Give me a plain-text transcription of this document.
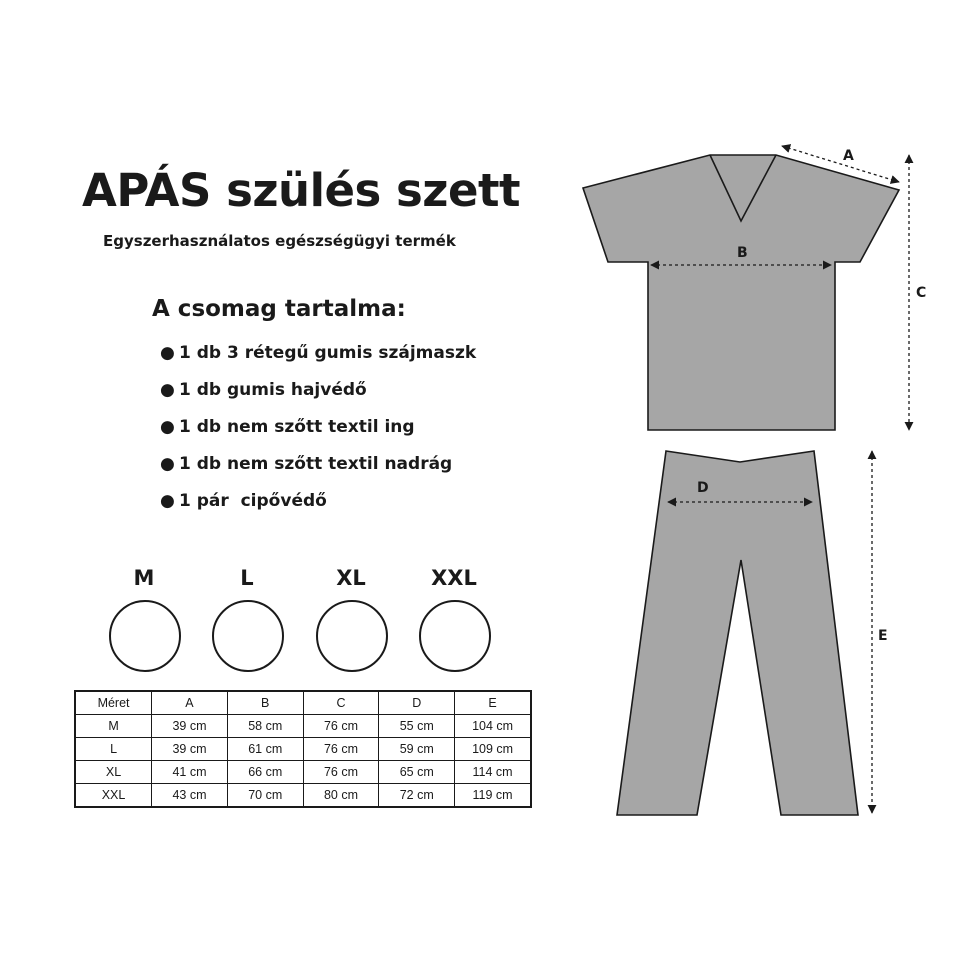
APÁS szülés szett
Egyszerhasználatos egészségügyi termék
A csomag tartalma:
● 1 db 3 rétegű gumis szájmaszk
● 1 db gumis hajvédő
● 1 db nem szőtt textil ing
● 1 db nem szőtt textil nadrág
● 1 pár  cipővédő
M	L	XL	XXL
Méret	A	B	C	D	E
M	39 cm	58 cm	76 cm	55 cm	104 cm
L	39 cm	61 cm	76 cm	59 cm	109 cm
XL	41 cm	66 cm	76 cm	65 cm	114 cm
XXL	43 cm	70 cm	80 cm	72 cm	119 cm
A
B
C
D
E
